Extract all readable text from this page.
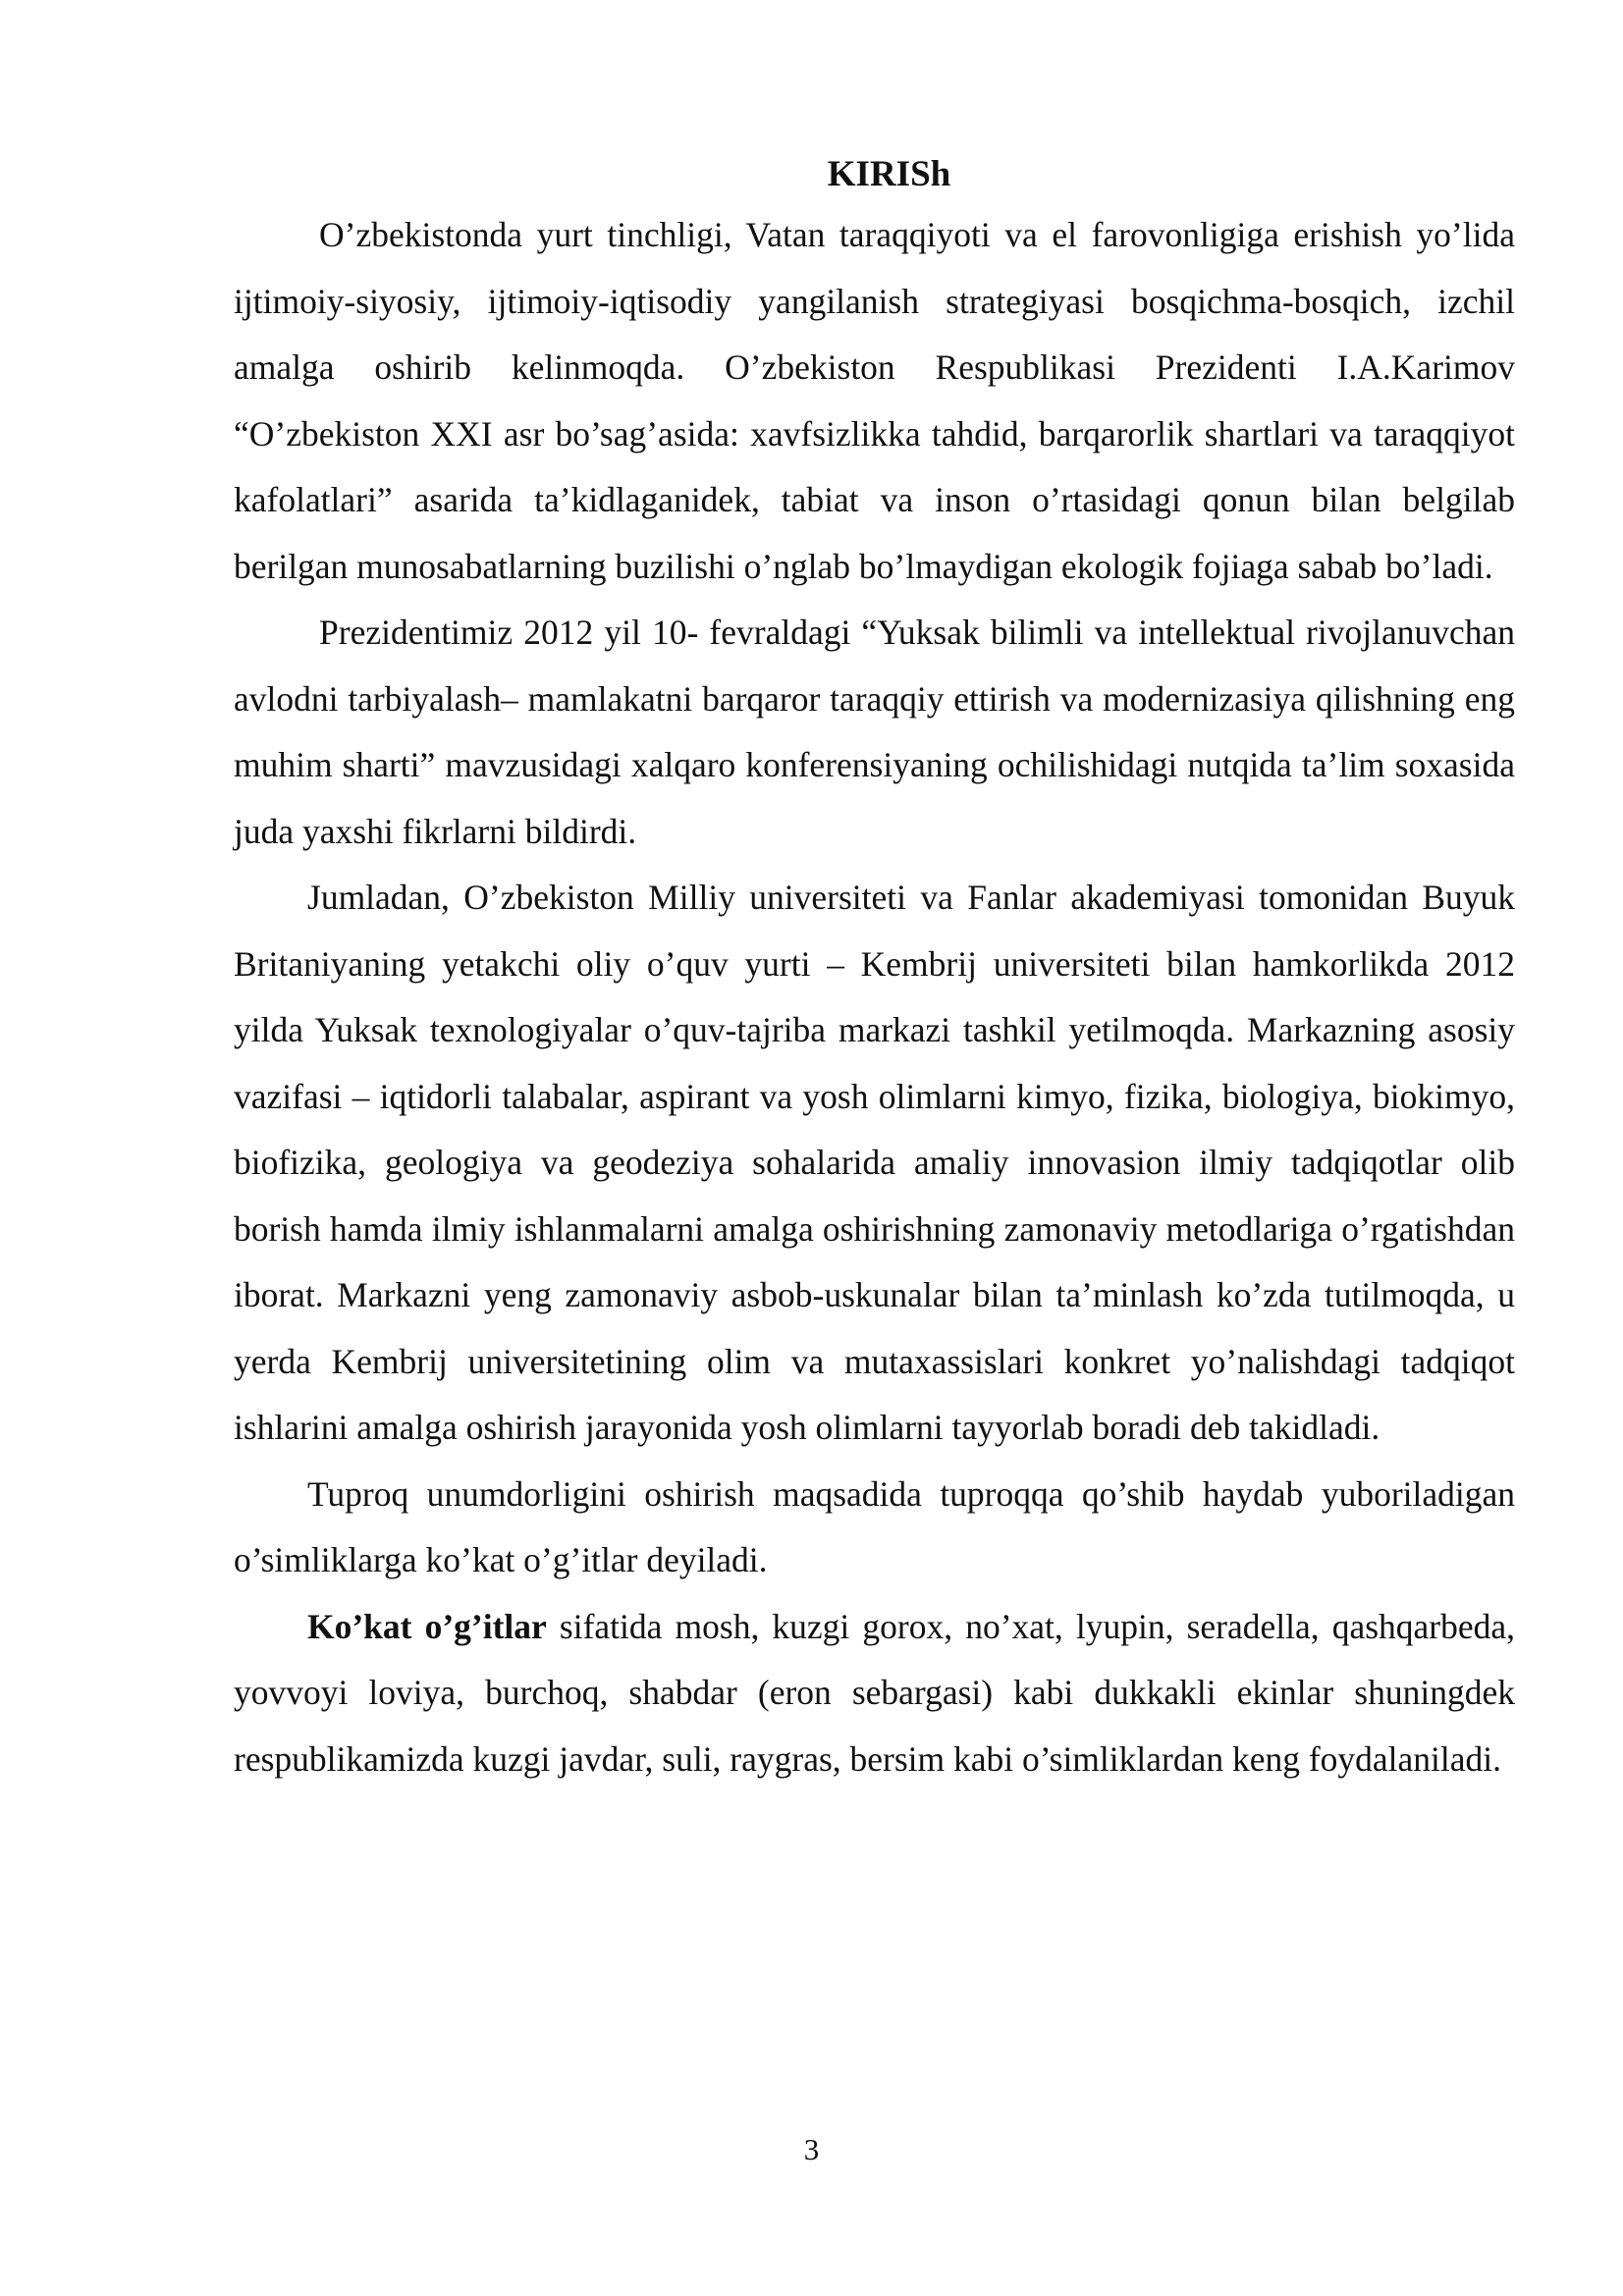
KIRISh

O’zbekistonda yurt tinchligi, Vatan taraqqiyoti va el farovonligiga erishish yo’lida ijtimoiy-siyosiy, ijtimoiy-iqtisodiy yangilanish strategiyasi bosqichma-bosqich, izchil amalga oshirib kelinmoqda. O’zbekiston Respublikasi Prezidenti I.A.Karimov “O’zbekiston XXI asr bo’sag’asida: xavfsizlikka tahdid, barqarorlik shartlari va taraqqiyot kafolatlari” asarida ta’kidlaganidek, tabiat va inson o’rtasidagi qonun bilan belgilab berilgan munosabatlarning buzilishi o’nglab bo’lmaydigan ekologik fojiaga sabab bo’ladi.

Prezidentimiz 2012 yil 10- fevraldagi “Yuksak bilimli va intellektual rivojlanuvchan avlodni tarbiyalash– mamlakatni barqaror taraqqiy ettirish va modernizasiya qilishning eng muhim sharti” mavzusidagi xalqaro konferensiyaning ochilishidagi nutqida ta’lim soxasida juda yaxshi fikrlarni bildirdi.

Jumladan, O’zbekiston Milliy universiteti va Fanlar akademiyasi tomonidan Buyuk Britaniyaning yetakchi oliy o’quv yurti – Kembrij universiteti bilan hamkorlikda 2012 yilda Yuksak texnologiyalar o’quv-tajriba markazi tashkil yetilmoqda. Markazning asosiy vazifasi – iqtidorli talabalar, aspirant va yosh olimlarni kimyo, fizika, biologiya, biokimyo, biofizika, geologiya va geodeziya sohalarida amaliy innovasion ilmiy tadqiqotlar olib borish hamda ilmiy ishlanmalarni amalga oshirishning zamonaviy metodlariga o’rgatishdan iborat. Markazni yeng zamonaviy asbob-uskunalar bilan ta’minlash ko’zda tutilmoqda, u yerda Kembrij universitetining olim va mutaxassislari konkret yo’nalishdagi tadqiqot ishlarini amalga oshirish jarayonida yosh olimlarni tayyorlab boradi deb takidladi.

Tuproq unumdorligini oshirish maqsadida tuproqqa qo’shib haydab yuboriladigan o’simliklarga ko’kat o’g’itlar deyiladi.

Ko’kat o’g’itlar sifatida mosh, kuzgi gorox, no’xat, lyupin, seradella, qashqarbeda, yovvoyi loviya, burchoq, shabdar (eron sebargasi) kabi dukkakli ekinlar shuningdek respublikamizda kuzgi javdar, suli, raygras, bersim kabi o’simliklardan keng foydalaniladi.

3
